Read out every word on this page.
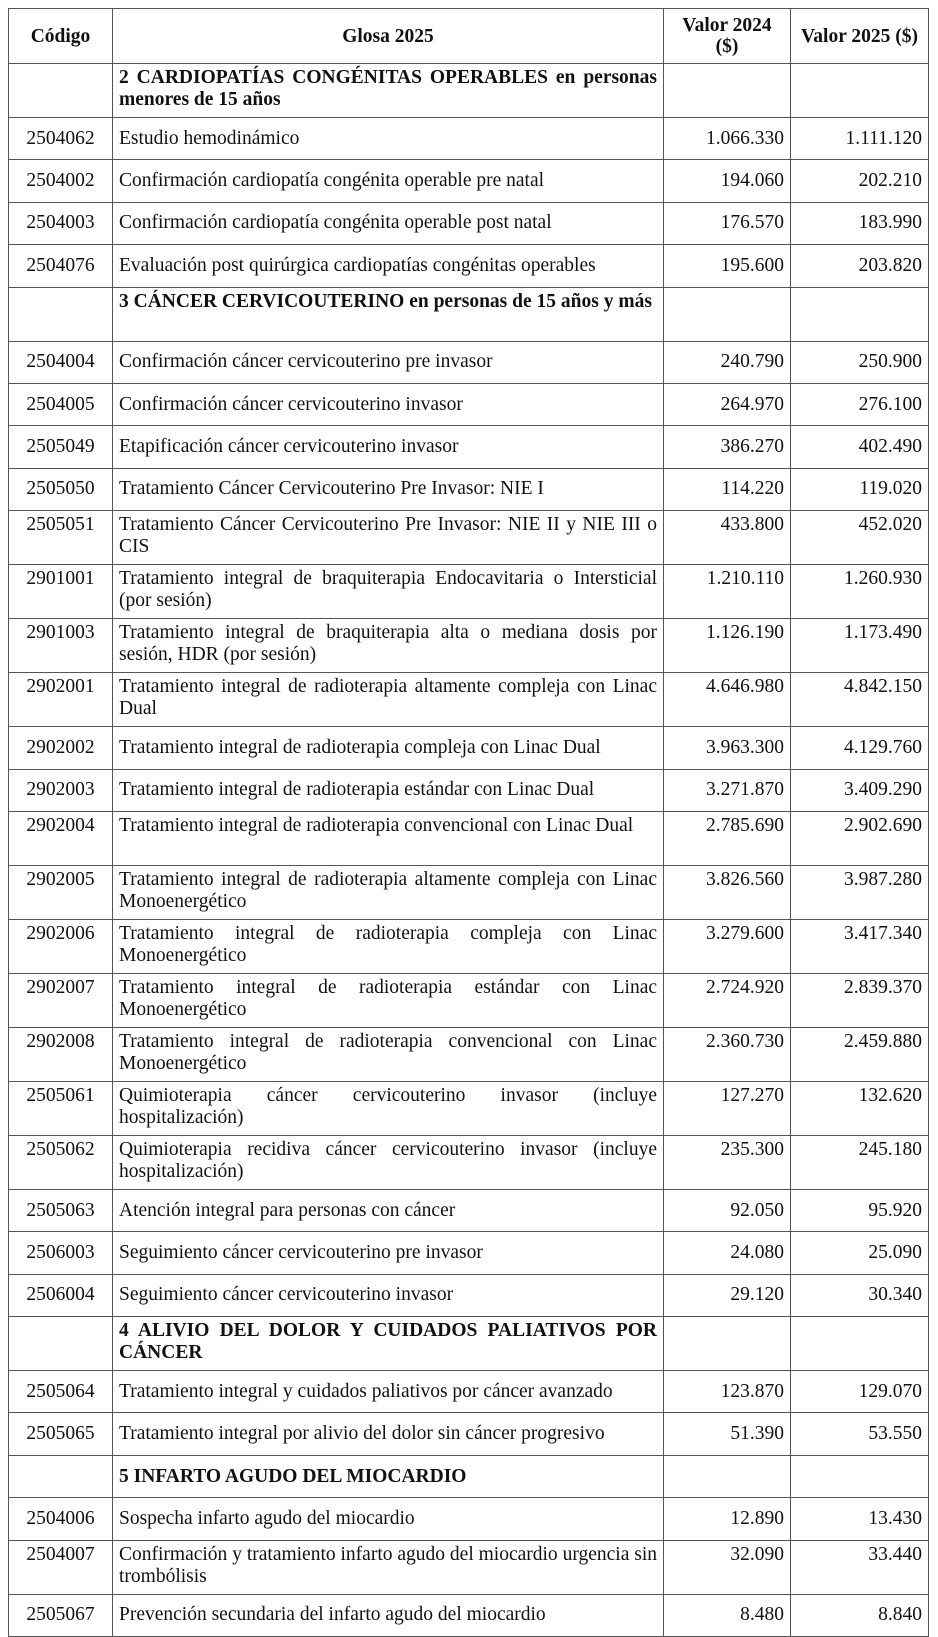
Código	Glosa 2025	Valor 2024 ($)	Valor 2025 ($)
	2 CARDIOPATÍAS CONGÉNITAS OPERABLES en personas menores de 15 años		
2504062	Estudio hemodinámico	1.066.330	1.111.120
2504002	Confirmación cardiopatía congénita operable pre natal	194.060	202.210
2504003	Confirmación cardiopatía congénita operable post natal	176.570	183.990
2504076	Evaluación post quirúrgica cardiopatías congénitas operables	195.600	203.820
	3 CÁNCER CERVICOUTERINO en personas de 15 años y más		
2504004	Confirmación cáncer cervicouterino pre invasor	240.790	250.900
2504005	Confirmación cáncer cervicouterino invasor	264.970	276.100
2505049	Etapificación cáncer cervicouterino invasor	386.270	402.490
2505050	Tratamiento Cáncer Cervicouterino Pre Invasor: NIE I	114.220	119.020
2505051	Tratamiento Cáncer Cervicouterino Pre Invasor: NIE II y NIE III o CIS	433.800	452.020
2901001	Tratamiento integral de braquiterapia Endocavitaria o Intersticial (por sesión)	1.210.110	1.260.930
2901003	Tratamiento integral de braquiterapia alta o mediana dosis por sesión, HDR (por sesión)	1.126.190	1.173.490
2902001	Tratamiento integral de radioterapia altamente compleja con Linac Dual	4.646.980	4.842.150
2902002	Tratamiento integral de radioterapia compleja con Linac Dual	3.963.300	4.129.760
2902003	Tratamiento integral de radioterapia estándar con Linac Dual	3.271.870	3.409.290
2902004	Tratamiento integral de radioterapia convencional con Linac Dual	2.785.690	2.902.690
2902005	Tratamiento integral de radioterapia altamente compleja con Linac Monoenergético	3.826.560	3.987.280
2902006	Tratamiento integral de radioterapia compleja con Linac Monoenergético	3.279.600	3.417.340
2902007	Tratamiento integral de radioterapia estándar con Linac Monoenergético	2.724.920	2.839.370
2902008	Tratamiento integral de radioterapia convencional con Linac Monoenergético	2.360.730	2.459.880
2505061	Quimioterapia cáncer cervicouterino invasor (incluye hospitalización)	127.270	132.620
2505062	Quimioterapia recidiva cáncer cervicouterino invasor (incluye hospitalización)	235.300	245.180
2505063	Atención integral para personas con cáncer	92.050	95.920
2506003	Seguimiento cáncer cervicouterino pre invasor	24.080	25.090
2506004	Seguimiento cáncer cervicouterino invasor	29.120	30.340
	4 ALIVIO DEL DOLOR Y CUIDADOS PALIATIVOS POR CÁNCER		
2505064	Tratamiento integral y cuidados paliativos por cáncer avanzado	123.870	129.070
2505065	Tratamiento integral por alivio del dolor sin cáncer progresivo	51.390	53.550
	5 INFARTO AGUDO DEL MIOCARDIO		
2504006	Sospecha infarto agudo del miocardio	12.890	13.430
2504007	Confirmación y tratamiento infarto agudo del miocardio urgencia sin trombólisis	32.090	33.440
2505067	Prevención secundaria del infarto agudo del miocardio	8.480	8.840
